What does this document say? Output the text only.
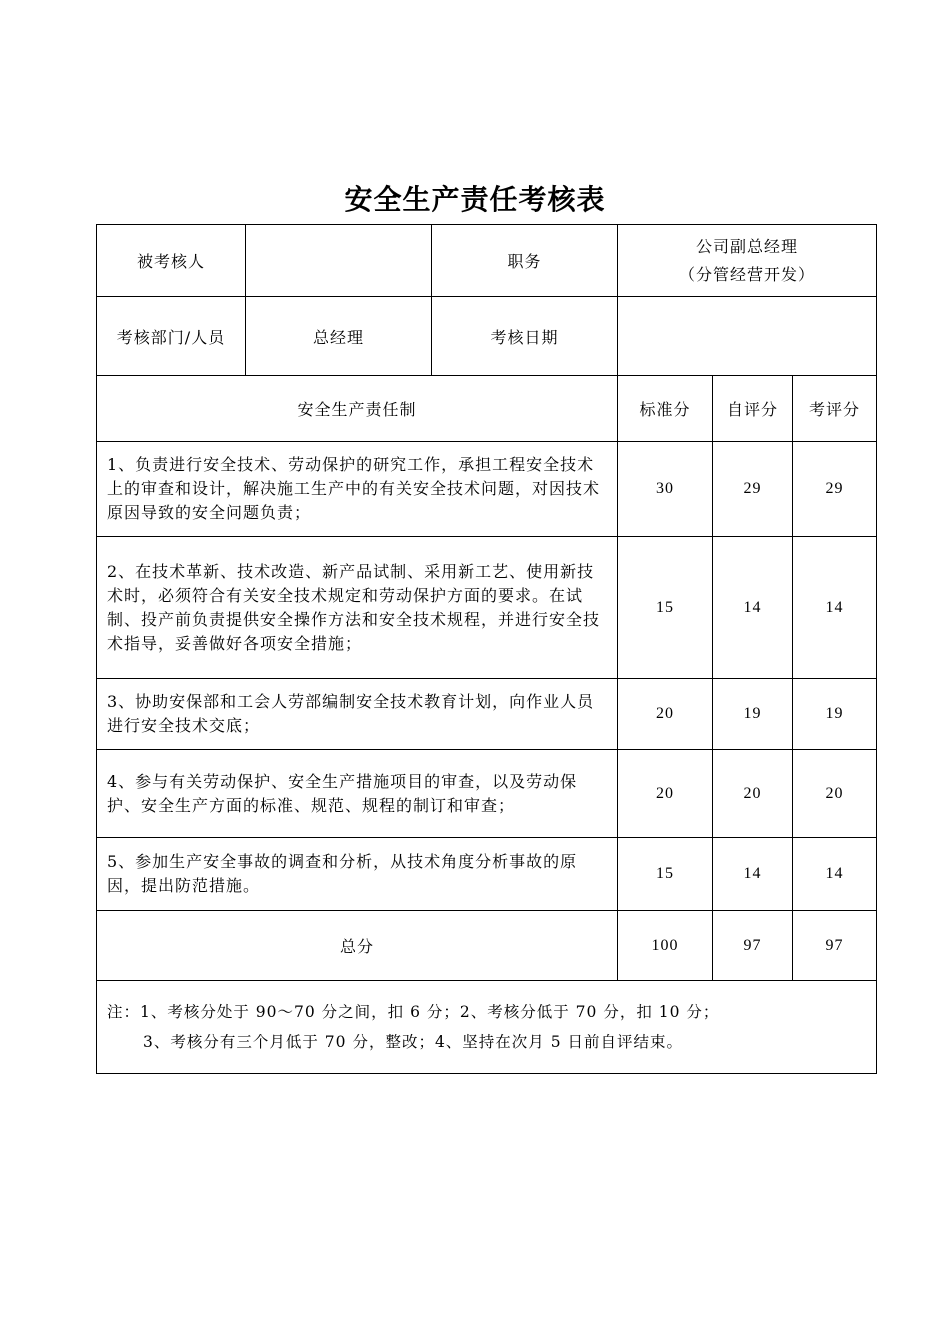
安全生产责任考核表
被考核人		职务	公司副总经理
（分管经营开发）		
考核部门/人员	总经理	考核日期			
安全生产责任制			标准分	自评分	考评分
1、负责进行安全技术、劳动保护的研究工作，承担工程安全技术上的审查和设计，解决施工生产中的有关安全技术问题，对因技术原因导致的安全问题负责；			30	29	29
2、在技术革新、技术改造、新产品试制、采用新工艺、使用新技术时，必须符合有关安全技术规定和劳动保护方面的要求。在试制、投产前负责提供安全操作方法和安全技术规程，并进行安全技术指导，妥善做好各项安全措施；			15	14	14
3、协助安保部和工会人劳部编制安全技术教育计划，向作业人员进行安全技术交底；			20	19	19
4、参与有关劳动保护、安全生产措施项目的审查，以及劳动保护、安全生产方面的标准、规范、规程的制订和审查；			20	20	20
5、参加生产安全事故的调查和分析，从技术角度分析事故的原因，提出防范措施。			15	14	14
总分			100	97	97
注：1、考核分处于 90～70 分之间，扣 6 分；2、考核分低于 70 分，扣 10 分；
3、考核分有三个月低于 70 分，整改；4、坚持在次月 5 日前自评结束。					
